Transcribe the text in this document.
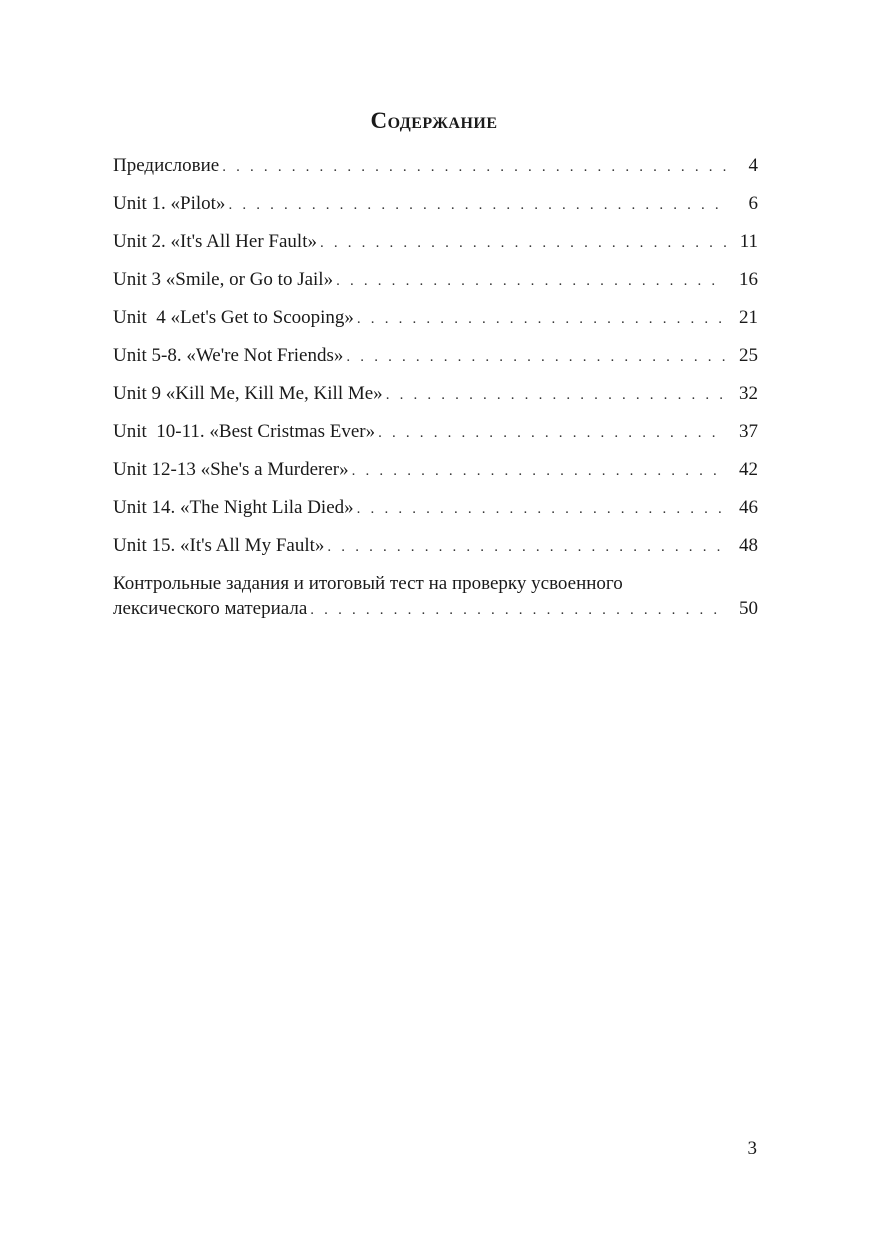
Содержание
Предисловие . . .	4
Unit 1. «Pilot» . . .	6
Unit 2. «It's All Her Fault» . . .	11
Unit 3 «Smile, or Go to Jail» . . .	16
Unit  4 «Let's Get to Scooping» . . .	21
Unit 5-8. «We're Not Friends» . . .	25
Unit 9 «Kill Me, Kill Me, Kill Me» . . .	32
Unit  10-11. «Best Cristmas Ever» . . .	37
Unit 12-13 «She's a Murderer» . . .	42
Unit 14. «The Night Lila Died» . . .	46
Unit 15. «It's All My Fault» . . .	48
Контрольные задания и итоговый тест на проверку усвоенного
лексического материала . . .	50
3
